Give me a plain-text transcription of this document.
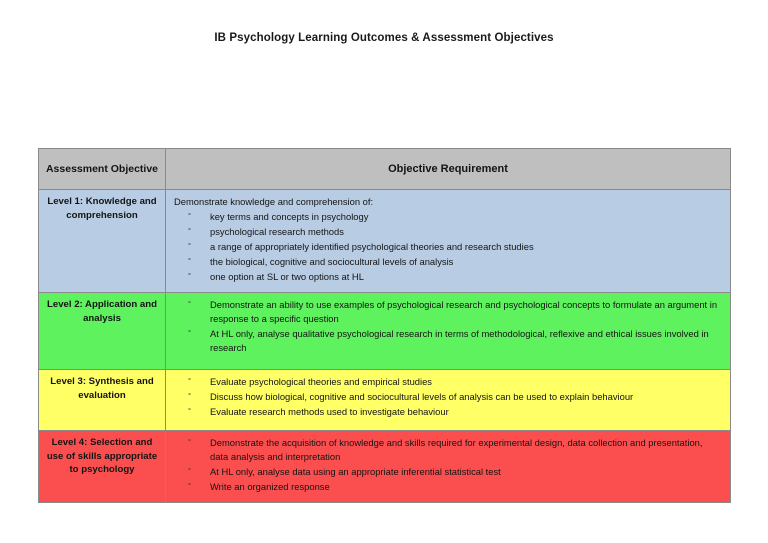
IB Psychology Learning Outcomes & Assessment Objectives
Assessment Objective	Objective Requirement
Level 1: Knowledge and comprehension	
Demonstrate knowledge and comprehension of:
° key terms and concepts in psychology
° psychological research methods
° a range of appropriately identified psychological theories and research studies
° the biological, cognitive and sociocultural levels of analysis
° one option at SL or two options at HL

Level 2: Application and analysis	
° Demonstrate an ability to use examples of psychological research and psychological concepts to formulate an argument in response to a specific question
° At HL only, analyse qualitative psychological research in terms of methodological, reflexive and ethical issues involved in research

Level 3: Synthesis and evaluation	
° Evaluate psychological theories and empirical studies
° Discuss how biological, cognitive and sociocultural levels of analysis can be used to explain behaviour
° Evaluate research methods used to investigate behaviour

Level 4: Selection and use of skills appropriate to psychology	
° Demonstrate the acquisition of knowledge and skills required for experimental design, data collection and presentation, data analysis and interpretation
° At HL only, analyse data using an appropriate inferential statistical test
° Write an organized response
